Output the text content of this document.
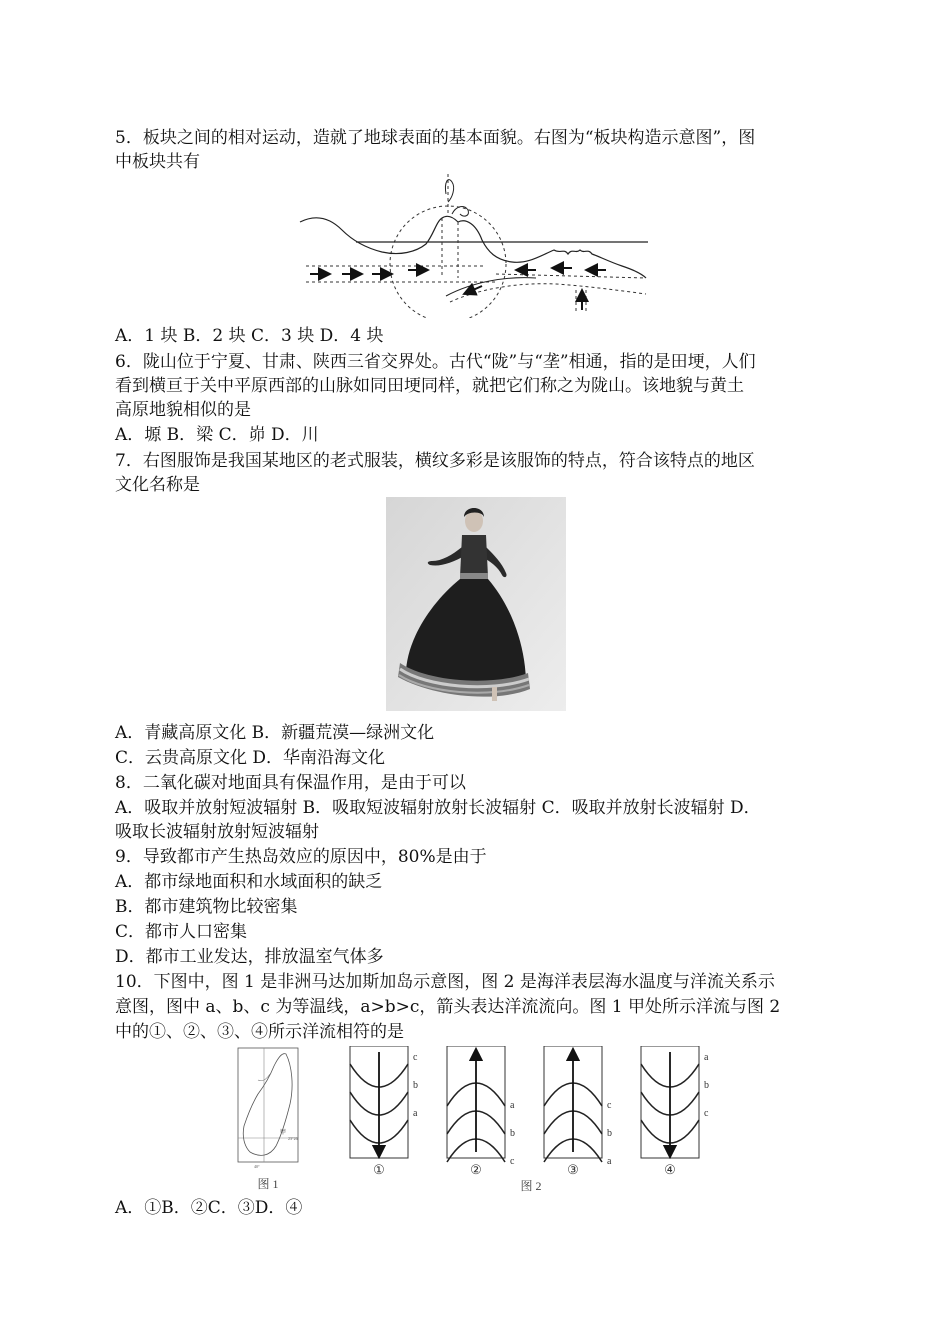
5．板块之间的相对运动，造就了地球表面的基本面貌。右图为“板块构造示意图”，图
中板块共有
A．1 块 B．2 块 C．3 块 D．4 块
6．陇山位于宁夏、甘肃、陕西三省交界处。古代“陇”与“垄”相通，指的是田埂，人们
看到横亘于关中平原西部的山脉如同田埂同样，就把它们称之为陇山。该地貌与黄土
高原地貌相似的是
A．塬 B．梁 C．峁 D．川
7．右图服饰是我国某地区的老式服装，横纹多彩是该服饰的特点，符合该特点的地区
文化名称是
A．青藏高原文化 B．新疆荒漠—绿洲文化
C．云贵高原文化 D．华南沿海文化
8．二氧化碳对地面具有保温作用，是由于可以
A．吸取并放射短波辐射 B．吸取短波辐射放射长波辐射 C．吸取并放射长波辐射 D．
吸取长波辐射放射短波辐射
9．导致都市产生热岛效应的原因中，80%是由于
A．都市绿地面积和水域面积的缺乏
B．都市建筑物比较密集
C．都市人口密集
D．都市工业发达，排放温室气体多
10．下图中，图 1 是非洲马达加斯加岛示意图，图 2 是海洋表层海水温度与洋流关系示
意图，图中 a、b、c 为等温线，a>b>c，箭头表达洋流流向。图 1 甲处所示洋流与图 2
中的①、②、③、④所示洋流相符的是
甲
23°26′
40°
图 1
c
b
a
①
a
b
c
②
c
b
a
③
a
b
c
④
图 2
A．①B．②C．③D．④
